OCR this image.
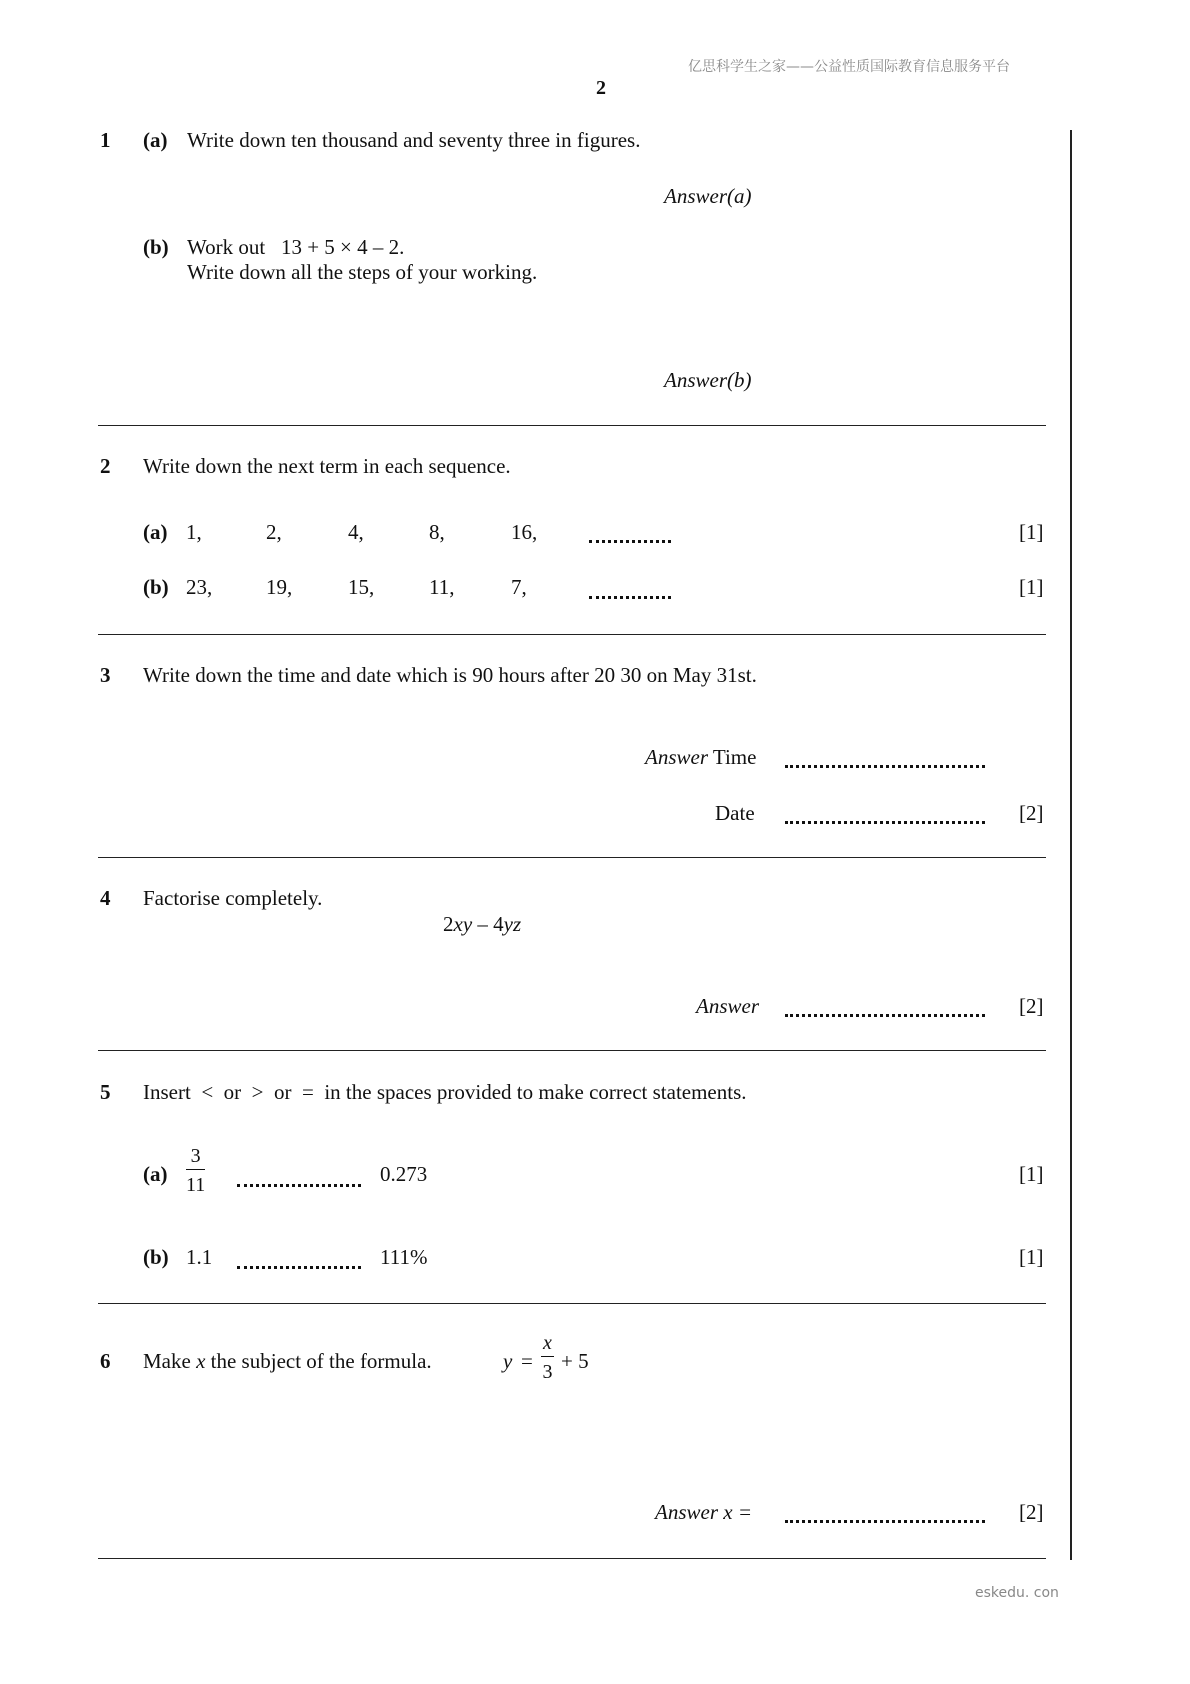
亿思科学生之家——公益性质国际教育信息服务平台
2
1 (a) Write down ten thousand and seventy three in figures.
Answer(a)
(b) Work out   13 + 5 × 4 – 2.
Write down all the steps of your working.
Answer(b)
2 Write down the next term in each sequence.
(a) 1,	2,	4,	8,	16,	[1]
(b) 23,	19,	15,	11,	7,	[1]
3 Write down the time and date which is 90 hours after 20 30 on May 31st.
Answer Time
Date	[2]
4 Factorise completely.
2xy – 4yz
Answer	[2]
5 Insert  <  or  >  or  =  in the spaces provided to make correct statements.
$(a) \frac{3}{11}$	0.273	[1]
(b) 1.1	111%	[1]
6 Make x the subject of the formula.	$y = \frac{x}{3} + 5$
Answer x =	[2]
eskedu. con
